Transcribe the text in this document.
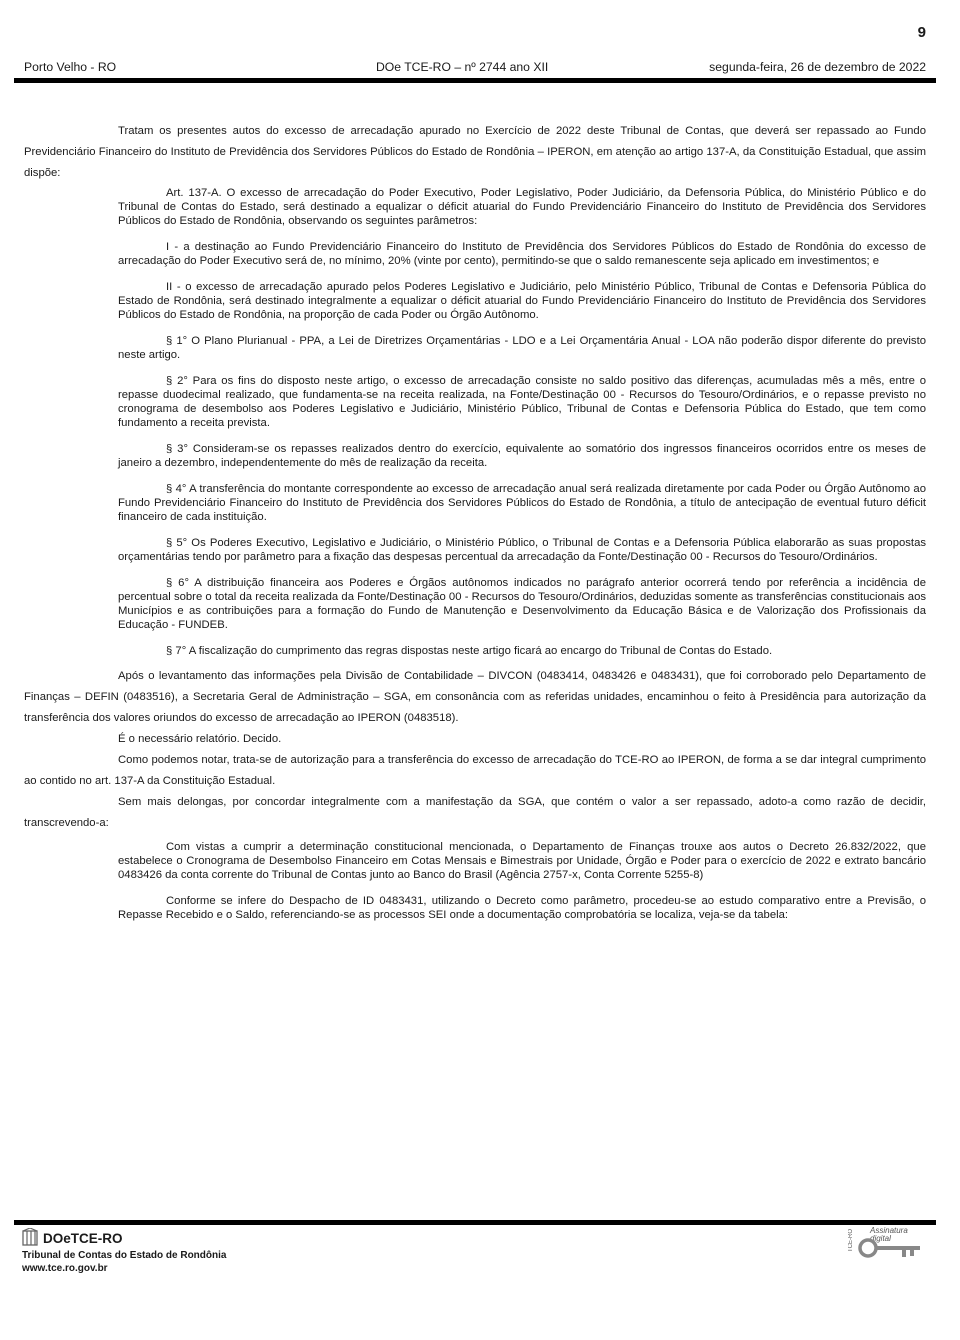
9
Porto Velho - RO	DOe TCE-RO – nº 2744 ano XII	segunda-feira, 26 de dezembro de 2022

Tratam os presentes autos do excesso de arrecadação apurado no Exercício de 2022 deste Tribunal de Contas, que deverá ser repassado ao Fundo Previdenciário Financeiro do Instituto de Previdência dos Servidores Públicos do Estado de Rondônia – IPERON, em atenção ao artigo 137-A, da Constituição Estadual, que assim dispõe:

Art. 137-A. O excesso de arrecadação do Poder Executivo, Poder Legislativo, Poder Judiciário, da Defensoria Pública, do Ministério Público e do Tribunal de Contas do Estado, será destinado a equalizar o déficit atuarial do Fundo Previdenciário Financeiro do Instituto de Previdência dos Servidores Públicos do Estado de Rondônia, observando os seguintes parâmetros:

I - a destinação ao Fundo Previdenciário Financeiro do Instituto de Previdência dos Servidores Públicos do Estado de Rondônia do excesso de arrecadação do Poder Executivo será de, no mínimo, 20% (vinte por cento), permitindo-se que o saldo remanescente seja aplicado em investimentos; e

II - o excesso de arrecadação apurado pelos Poderes Legislativo e Judiciário, pelo Ministério Público, Tribunal de Contas e Defensoria Pública do Estado de Rondônia, será destinado integralmente a equalizar o déficit atuarial do Fundo Previdenciário Financeiro do Instituto de Previdência dos Servidores Públicos do Estado de Rondônia, na proporção de cada Poder ou Órgão Autônomo.

§ 1° O Plano Plurianual - PPA, a Lei de Diretrizes Orçamentárias - LDO e a Lei Orçamentária Anual - LOA não poderão dispor diferente do previsto neste artigo.

§ 2° Para os fins do disposto neste artigo, o excesso de arrecadação consiste no saldo positivo das diferenças, acumuladas mês a mês, entre o repasse duodecimal realizado, que fundamenta-se na receita realizada, na Fonte/Destinação 00 - Recursos do Tesouro/Ordinários, e o repasse previsto no cronograma de desembolso aos Poderes Legislativo e Judiciário, Ministério Público, Tribunal de Contas e Defensoria Pública do Estado, que tem como fundamento a receita prevista.

§ 3° Consideram-se os repasses realizados dentro do exercício, equivalente ao somatório dos ingressos financeiros ocorridos entre os meses de janeiro a dezembro, independentemente do mês de realização da receita.

§ 4° A transferência do montante correspondente ao excesso de arrecadação anual será realizada diretamente por cada Poder ou Órgão Autônomo ao Fundo Previdenciário Financeiro do Instituto de Previdência dos Servidores Públicos do Estado de Rondônia, a título de antecipação de eventual futuro déficit financeiro de cada instituição.

§ 5° Os Poderes Executivo, Legislativo e Judiciário, o Ministério Público, o Tribunal de Contas e a Defensoria Pública elaborarão as suas propostas orçamentárias tendo por parâmetro para a fixação das despesas percentual da arrecadação da Fonte/Destinação 00 - Recursos do Tesouro/Ordinários.

§ 6° A distribuição financeira aos Poderes e Órgãos autônomos indicados no parágrafo anterior ocorrerá tendo por referência a incidência de percentual sobre o total da receita realizada da Fonte/Destinação 00 - Recursos do Tesouro/Ordinários, deduzidas somente as transferências constitucionais aos Municípios e as contribuições para a formação do Fundo de Manutenção e Desenvolvimento da Educação Básica e de Valorização dos Profissionais da Educação - FUNDEB.

§ 7° A fiscalização do cumprimento das regras dispostas neste artigo ficará ao encargo do Tribunal de Contas do Estado.

Após o levantamento das informações pela Divisão de Contabilidade – DIVCON (0483414, 0483426 e 0483431), que foi corroborado pelo Departamento de Finanças – DEFIN (0483516), a Secretaria Geral de Administração – SGA, em consonância com as referidas unidades, encaminhou o feito à Presidência para autorização da transferência dos valores oriundos do excesso de arrecadação ao IPERON (0483518).

É o necessário relatório. Decido.

Como podemos notar, trata-se de autorização para a transferência do excesso de arrecadação do TCE-RO ao IPERON, de forma a se dar integral cumprimento ao contido no art. 137-A da Constituição Estadual.

Sem mais delongas, por concordar integralmente com a manifestação da SGA, que contém o valor a ser repassado, adoto-a como razão de decidir, transcrevendo-a:

Com vistas a cumprir a determinação constitucional mencionada, o Departamento de Finanças trouxe aos autos o Decreto 26.832/2022, que estabelece o Cronograma de Desembolso Financeiro em Cotas Mensais e Bimestrais por Unidade, Órgão e Poder para o exercício de 2022 e extrato bancário 0483426 da conta corrente do Tribunal de Contas junto ao Banco do Brasil (Agência 2757-x, Conta Corrente 5255-8)

Conforme se infere do Despacho de ID 0483431, utilizando o Decreto como parâmetro, procedeu-se ao estudo comparativo entre a Previsão, o Repasse Recebido e o Saldo, referenciando-se as processos SEI onde a documentação comprobatória se localiza, veja-se da tabela:

DOeTCE-RO
Tribunal de Contas do Estado de Rondônia
www.tce.ro.gov.br
TCE-RO Assinatura digital
